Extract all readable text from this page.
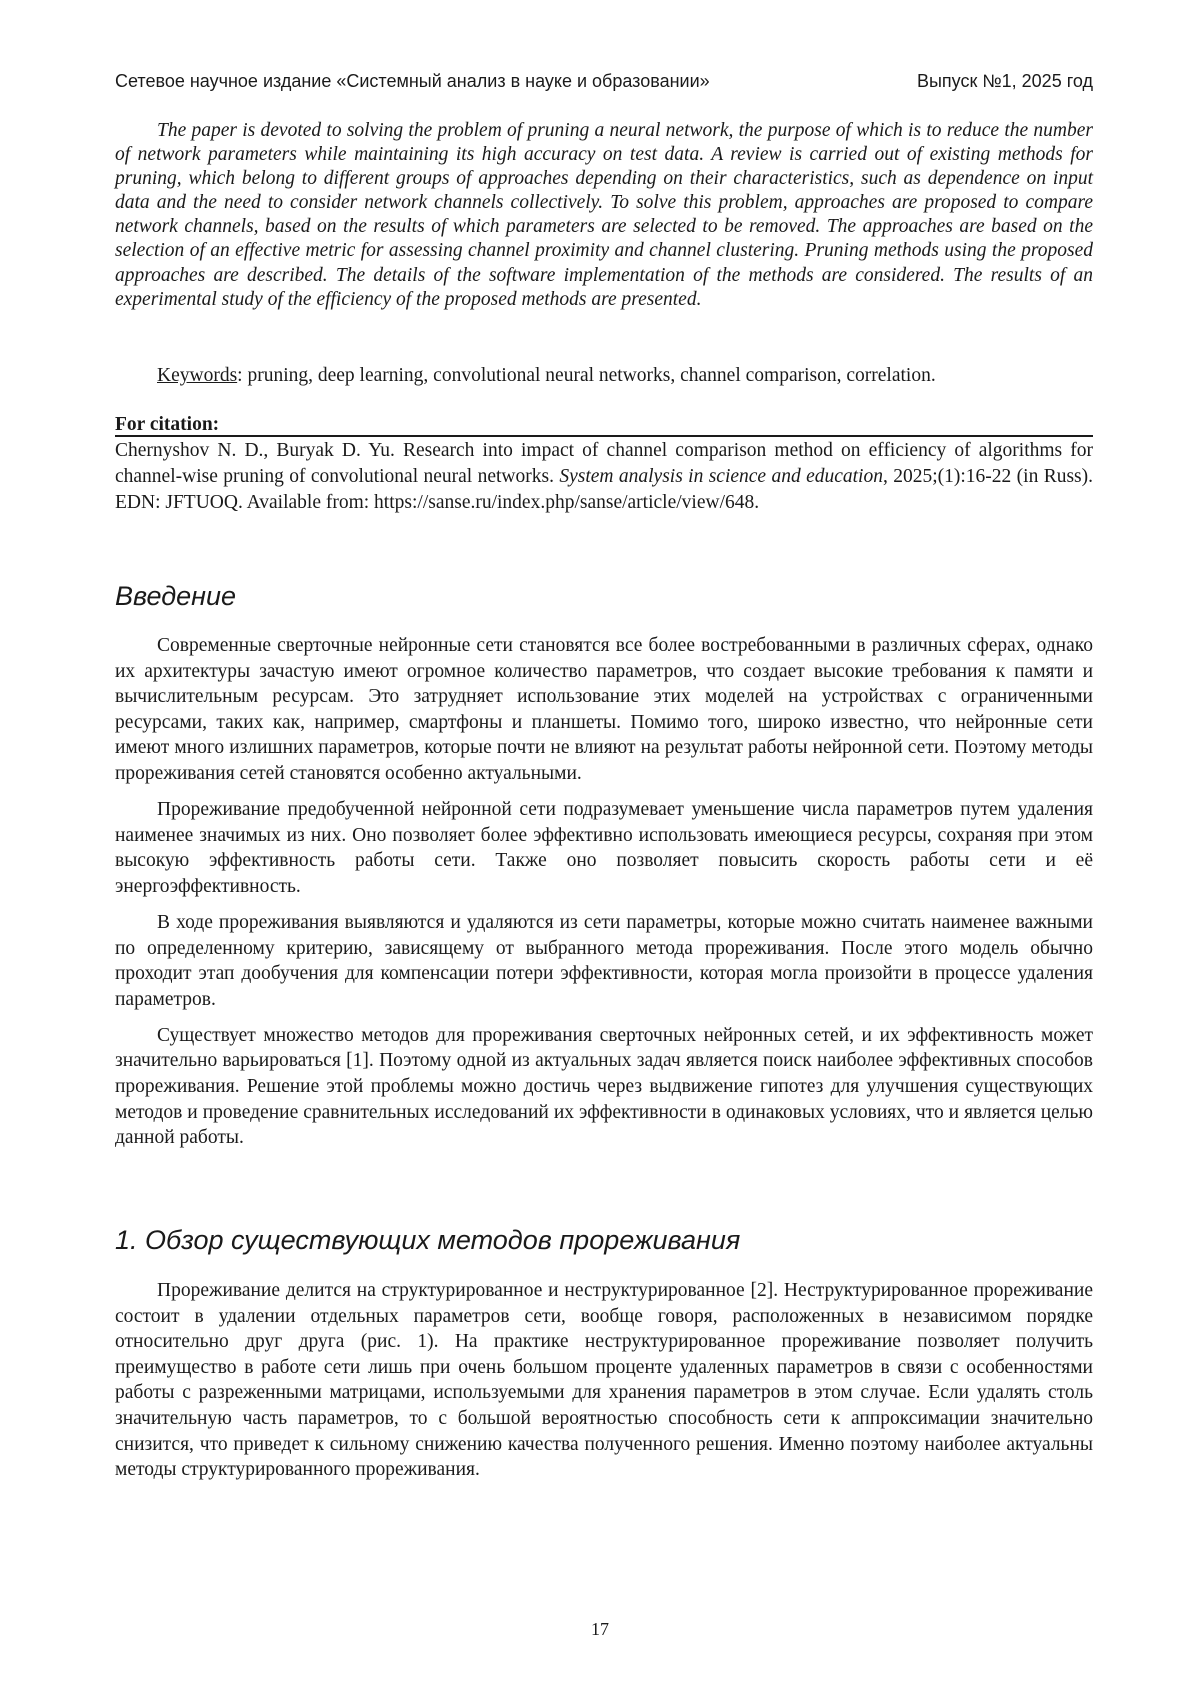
Сетевое научное издание «Системный анализ в науке и образовании»	Выпуск №1, 2025 год

The paper is devoted to solving the problem of pruning a neural network, the purpose of which is to reduce the number of network parameters while maintaining its high accuracy on test data. A review is carried out of existing methods for pruning, which belong to different groups of approaches depending on their characteristics, such as dependence on input data and the need to consider network channels collectively. To solve this problem, approaches are proposed to compare network channels, based on the results of which parameters are selected to be removed. The approaches are based on the selection of an effective metric for assessing channel proximity and channel clustering. Pruning methods using the proposed approaches are described. The details of the software implementation of the methods are considered. The results of an experimental study of the efficiency of the proposed methods are presented.

Keywords: pruning, deep learning, convolutional neural networks, channel comparison, correlation.

For citation:

Chernyshov N. D., Buryak D. Yu. Research into impact of channel comparison method on efficiency of algorithms for channel-wise pruning of convolutional neural networks. System analysis in science and education, 2025;(1):16-22 (in Russ). EDN: JFTUOQ. Available from: https://sanse.ru/index.php/sanse/article/view/648.

Введение

Современные сверточные нейронные сети становятся все более востребованными в различных сферах, однако их архитектуры зачастую имеют огромное количество параметров, что создает высокие требования к памяти и вычислительным ресурсам. Это затрудняет использование этих моделей на устройствах с ограниченными ресурсами, таких как, например, смартфоны и планшеты. Помимо того, широко известно, что нейронные сети имеют много излишних параметров, которые почти не влияют на результат работы нейронной сети. Поэтому методы прореживания сетей становятся особенно актуальными.

Прореживание предобученной нейронной сети подразумевает уменьшение числа параметров путем удаления наименее значимых из них. Оно позволяет более эффективно использовать имеющиеся ресурсы, сохраняя при этом высокую эффективность работы сети. Также оно позволяет повысить скорость работы сети и её энергоэффективность.

В ходе прореживания выявляются и удаляются из сети параметры, которые можно считать наименее важными по определенному критерию, зависящему от выбранного метода прореживания. После этого модель обычно проходит этап дообучения для компенсации потери эффективности, которая могла произойти в процессе удаления параметров.

Существует множество методов для прореживания сверточных нейронных сетей, и их эффективность может значительно варьироваться [1]. Поэтому одной из актуальных задач является поиск наиболее эффективных способов прореживания. Решение этой проблемы можно достичь через выдвижение гипотез для улучшения существующих методов и проведение сравнительных исследований их эффективности в одинаковых условиях, что и является целью данной работы.

1. Обзор существующих методов прореживания

Прореживание делится на структурированное и неструктурированное [2]. Неструктурированное прореживание состоит в удалении отдельных параметров сети, вообще говоря, расположенных в независимом порядке относительно друг друга (рис. 1). На практике неструктурированное прореживание позволяет получить преимущество в работе сети лишь при очень большом проценте удаленных параметров в связи с особенностями работы с разреженными матрицами, используемыми для хранения параметров в этом случае. Если удалять столь значительную часть параметров, то с большой вероятностью способность сети к аппроксимации значительно снизится, что приведет к сильному снижению качества полученного решения. Именно поэтому наиболее актуальны методы структурированного прореживания.

17
